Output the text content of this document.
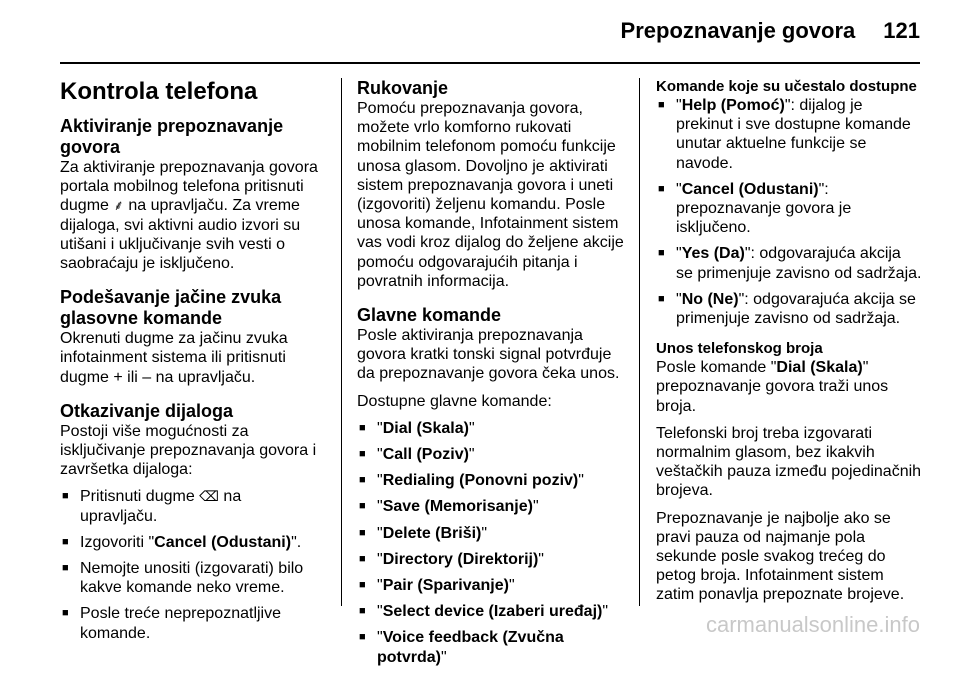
Prepoznavanje govora 121
Kontrola telefona
Aktiviranje prepoznavanje govora

Za aktiviranje prepoznavanja govora portala mobilnog telefona pritisnuti dugme ⸙ na upravljaču. Za vreme dijaloga, svi aktivni audio izvori su utišani i uključivanje svih vesti o saobraćaju je isključeno.

Podešavanje jačine zvuka glasovne komande

Okrenuti dugme za jačinu zvuka infotainment sistema ili pritisnuti dugme + ili – na upravljaču.

Otkazivanje dijaloga

Postoji više mogućnosti za isključivanje prepoznavanja govora i završetka dijaloga:

■ Pritisnuti dugme ⌫ na upravljaču.
■ Izgovoriti "Cancel (Odustani)".
■ Nemojte unositi (izgovarati) bilo kakve komande neko vreme.
■ Posle treće neprepoznatljive komande.
Rukovanje

Pomoću prepoznavanja govora, možete vrlo komforno rukovati mobilnim telefonom pomoću funkcije unosa glasom. Dovoljno je aktivirati sistem prepoznavanja govora i uneti (izgovoriti) željenu komandu. Posle unosa komande, Infotainment sistem vas vodi kroz dijalog do željene akcije pomoću odgovarajućih pitanja i povratnih informacija.

Glavne komande

Posle aktiviranja prepoznavanja govora kratki tonski signal potvrđuje da prepoznavanje govora čeka unos.

Dostupne glavne komande:

■ "Dial (Skala)"
■ "Call (Poziv)"
■ "Redialing (Ponovni poziv)"
■ "Save (Memorisanje)"
■ "Delete (Briši)"
■ "Directory (Direktorij)"
■ "Pair (Sparivanje)"
■ "Select device (Izaberi uređaj)"
■ "Voice feedback (Zvučna potvrda)"
Komande koje su učestalo dostupne
■ "Help (Pomoć)": dijalog je prekinut i sve dostupne komande unutar aktuelne funkcije se navode.
■ "Cancel (Odustani)": prepoznavanje govora je isključeno.
■ "Yes (Da)": odgovarajuća akcija se primenjuje zavisno od sadržaja.
■ "No (Ne)": odgovarajuća akcija se primenjuje zavisno od sadržaja.
Unos telefonskog broja

Posle komande "Dial (Skala)" prepoznavanje govora traži unos broja.

Telefonski broj treba izgovarati normalnim glasom, bez ikakvih veštačkih pauza između pojedinačnih brojeva.

Prepoznavanje je najbolje ako se pravi pauza od najmanje pola sekunde posle svakog trećeg do petog broja. Infotainment sistem zatim ponavlja prepoznate brojeve.

carmanualsonline.info
